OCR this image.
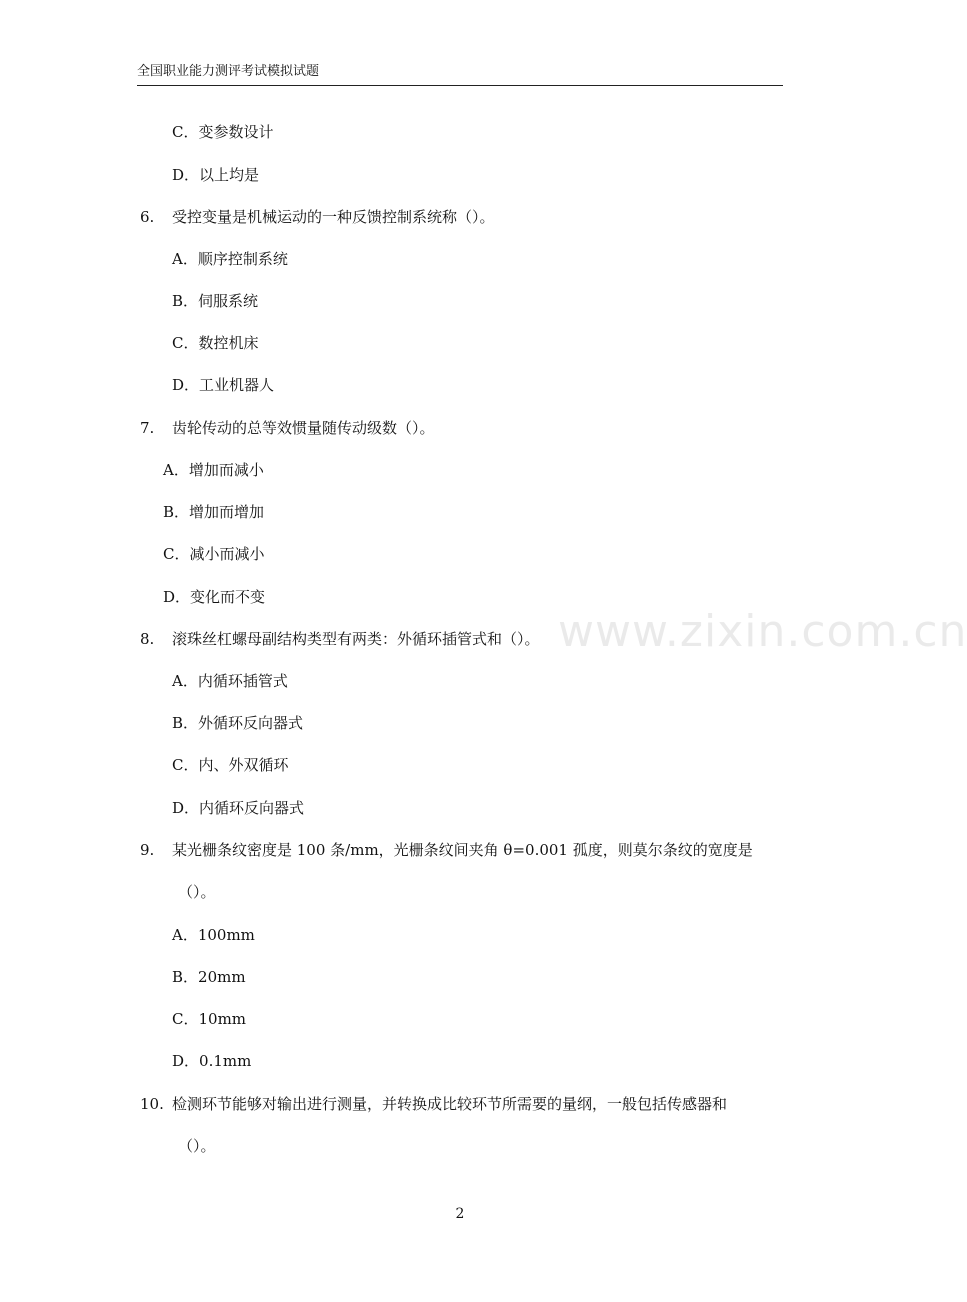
全国职业能力测评考试模拟试题
C．变参数设计
D．以上均是
6. 受控变量是机械运动的一种反馈控制系统称（）。
A．顺序控制系统
B．伺服系统
C．数控机床
D．工业机器人
7. 齿轮传动的总等效惯量随传动级数（）。
A．增加而减小
B．增加而增加
C．减小而减小
D．变化而不变
8. 滚珠丝杠螺母副结构类型有两类：外循环插管式和（）。
A．内循环插管式
B．外循环反向器式
C．内、外双循环
D．内循环反向器式
9. 某光栅条纹密度是 100 条/mm，光栅条纹间夹角 θ=0.001 孤度，则莫尔条纹的宽度是
（）。
A．100mm
B．20mm
C．10mm
D．0.1mm
10. 检测环节能够对输出进行测量，并转换成比较环节所需要的量纲，一般包括传感器和
（）。
www.zixin.com.cn
2
